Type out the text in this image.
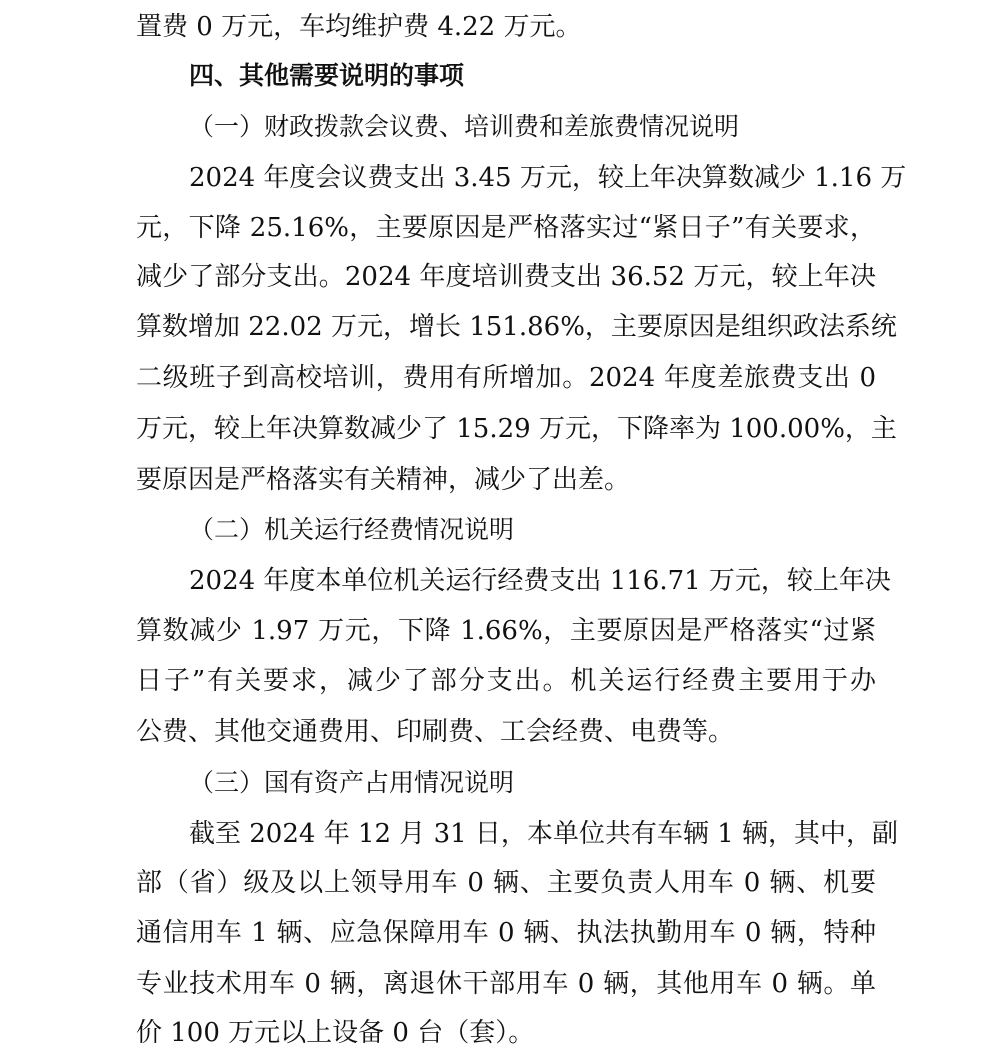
置费 0 万元，车均维护费 4.22 万元。
四、其他需要说明的事项
（一）财政拨款会议费、培训费和差旅费情况说明
2024 年度会议费支出 3.45 万元，较上年决算数减少 1.16 万
元，下降 25.16%，主要原因是严格落实过“紧日子”有关要求，
减少了部分支出。2024 年度培训费支出 36.52 万元，较上年决
算数增加 22.02 万元，增长 151.86%，主要原因是组织政法系统
二级班子到高校培训，费用有所增加。2024 年度差旅费支出 0
万元，较上年决算数减少了 15.29 万元，下降率为 100.00%，主
要原因是严格落实有关精神，减少了出差。
（二）机关运行经费情况说明
2024 年度本单位机关运行经费支出 116.71 万元，较上年决
算数减少 1.97 万元，下降 1.66%，主要原因是严格落实“过紧
日子”有关要求，减少了部分支出。机关运行经费主要用于办
公费、其他交通费用、印刷费、工会经费、电费等。
（三）国有资产占用情况说明
截至 2024 年 12 月 31 日，本单位共有车辆 1 辆，其中，副
部（省）级及以上领导用车 0 辆、主要负责人用车 0 辆、机要
通信用车 1 辆、应急保障用车 0 辆、执法执勤用车 0 辆，特种
专业技术用车 0 辆，离退休干部用车 0 辆，其他用车 0 辆。单
价 100 万元以上设备 0 台（套）。
